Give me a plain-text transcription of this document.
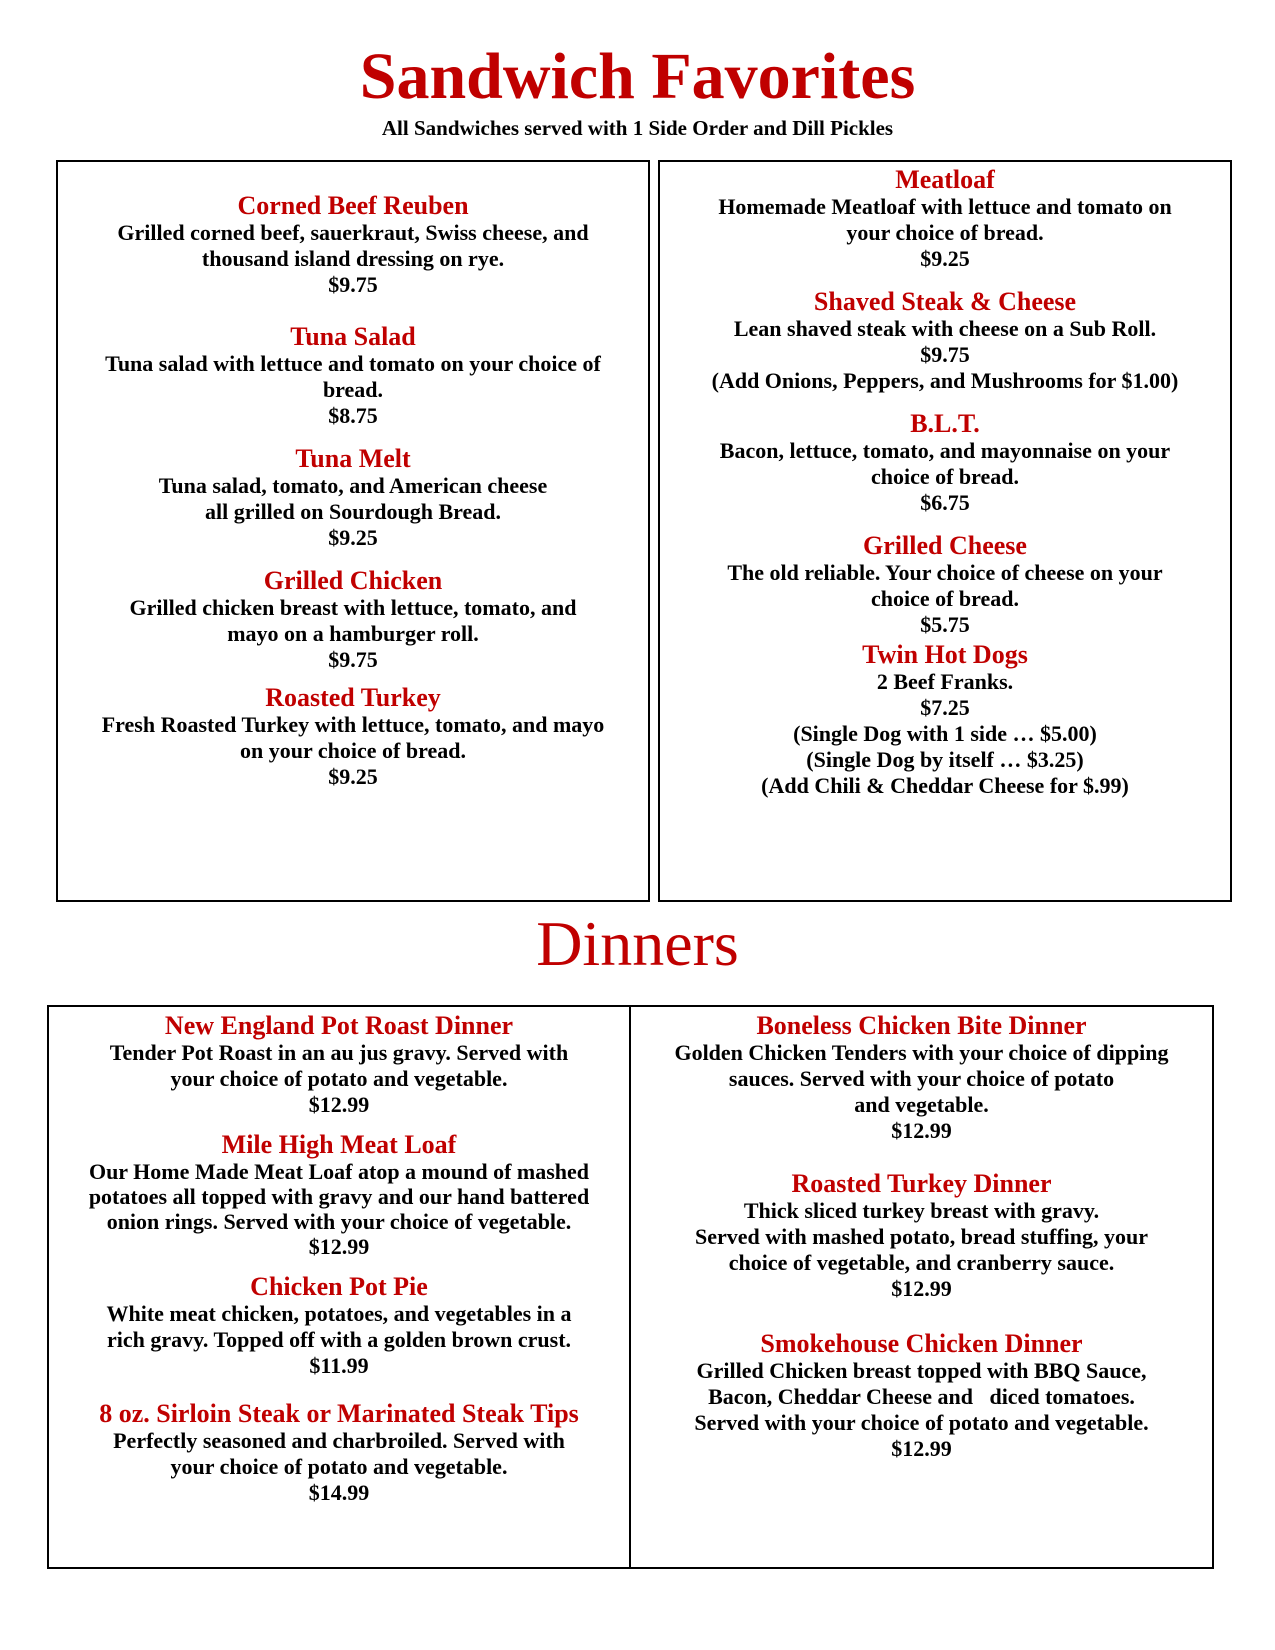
Sandwich Favorites
All Sandwiches served with 1 Side Order and Dill Pickles
Corned Beef Reuben
Grilled corned beef, sauerkraut, Swiss cheese, and
thousand island dressing on rye.
$9.75
Tuna Salad
Tuna salad with lettuce and tomato on your choice of
bread.
$8.75
Tuna Melt
Tuna salad, tomato, and American cheese
all grilled on Sourdough Bread.
$9.25
Grilled Chicken
Grilled chicken breast with lettuce, tomato, and
mayo on a hamburger roll.
$9.75
Roasted Turkey
Fresh Roasted Turkey with lettuce, tomato, and mayo
on your choice of bread.
$9.25
Meatloaf
Homemade Meatloaf with lettuce and tomato on
your choice of bread.
$9.25
Shaved Steak & Cheese
Lean shaved steak with cheese on a Sub Roll.
$9.75
(Add Onions, Peppers, and Mushrooms for $1.00)
B.L.T.
Bacon, lettuce, tomato, and mayonnaise on your
choice of bread.
$6.75
Grilled Cheese
The old reliable. Your choice of cheese on your
choice of bread.
$5.75
Twin Hot Dogs
2 Beef Franks.
$7.25
(Single Dog with 1 side … $5.00)
(Single Dog by itself … $3.25)
(Add Chili & Cheddar Cheese for $.99)
Dinners
New England Pot Roast Dinner
Tender Pot Roast in an au jus gravy. Served with
your choice of potato and vegetable.
$12.99
Mile High Meat Loaf
Our Home Made Meat Loaf atop a mound of mashed
potatoes all topped with gravy and our hand battered
onion rings. Served with your choice of vegetable.
$12.99
Chicken Pot Pie
White meat chicken, potatoes, and vegetables in a
rich gravy. Topped off with a golden brown crust.
$11.99
8 oz. Sirloin Steak or Marinated Steak Tips
Perfectly seasoned and charbroiled. Served with
your choice of potato and vegetable.
$14.99
Boneless Chicken Bite Dinner
Golden Chicken Tenders with your choice of dipping
sauces. Served with your choice of potato
and vegetable.
$12.99
Roasted Turkey Dinner
Thick sliced turkey breast with gravy.
Served with mashed potato, bread stuffing, your
choice of vegetable, and cranberry sauce.
$12.99
Smokehouse Chicken Dinner
Grilled Chicken breast topped with BBQ Sauce,
Bacon, Cheddar Cheese and   diced tomatoes.
Served with your choice of potato and vegetable.
$12.99
